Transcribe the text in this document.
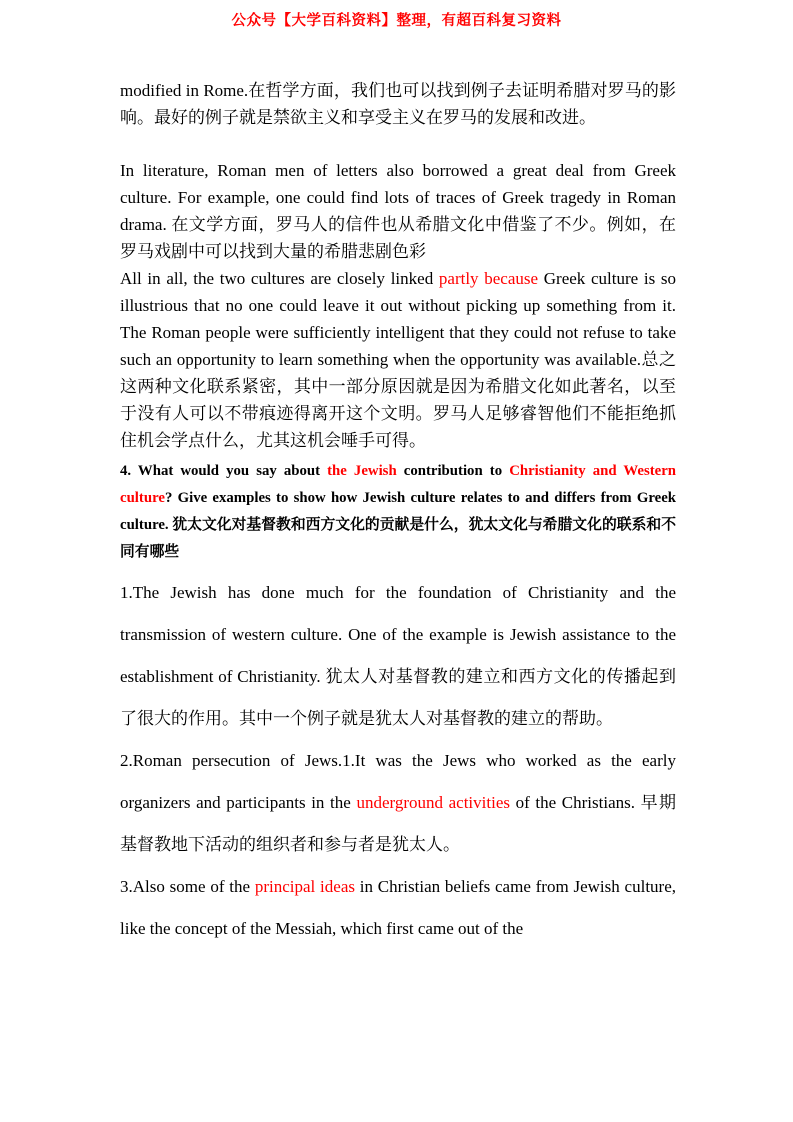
公众号【大学百科资料】整理，有超百科复习资料

modified in Rome.在哲学方面，我们也可以找到例子去证明希腊对罗马的影响。最好的例子就是禁欲主义和享受主义在罗马的发展和改进。

In literature, Roman men of letters also borrowed a great deal from Greek culture. For example, one could find lots of traces of Greek tragedy in Roman drama. 在文学方面，罗马人的信件也从希腊文化中借鉴了不少。例如，在罗马戏剧中可以找到大量的希腊悲剧色彩

All in all, the two cultures are closely linked partly because Greek culture is so illustrious that no one could leave it out without picking up something from it. The Roman people were sufficiently intelligent that they could not refuse to take such an opportunity to learn something when the opportunity was available.总之这两种文化联系紧密，其中一部分原因就是因为希腊文化如此著名，以至于没有人可以不带痕迹得离开这个文明。罗马人足够睿智他们不能拒绝抓住机会学点什么，尤其这机会唾手可得。

4. What would you say about the Jewish contribution to Christianity and Western culture? Give examples to show how Jewish culture relates to and differs from Greek culture. 犹太文化对基督教和西方文化的贡献是什么，犹太文化与希腊文化的联系和不同有哪些

1.The Jewish has done much for the foundation of Christianity and the transmission of western culture. One of the example is Jewish assistance to the establishment of Christianity. 犹太人对基督教的建立和西方文化的传播起到了很大的作用。其中一个例子就是犹太人对基督教的建立的帮助。

2.Roman persecution of Jews.1.It was the Jews who worked as the early organizers and participants in the underground activities of the Christians. 早期基督教地下活动的组织者和参与者是犹太人。

3.Also some of the principal ideas in Christian beliefs came from Jewish culture, like the concept of the Messiah, which first came out of the
